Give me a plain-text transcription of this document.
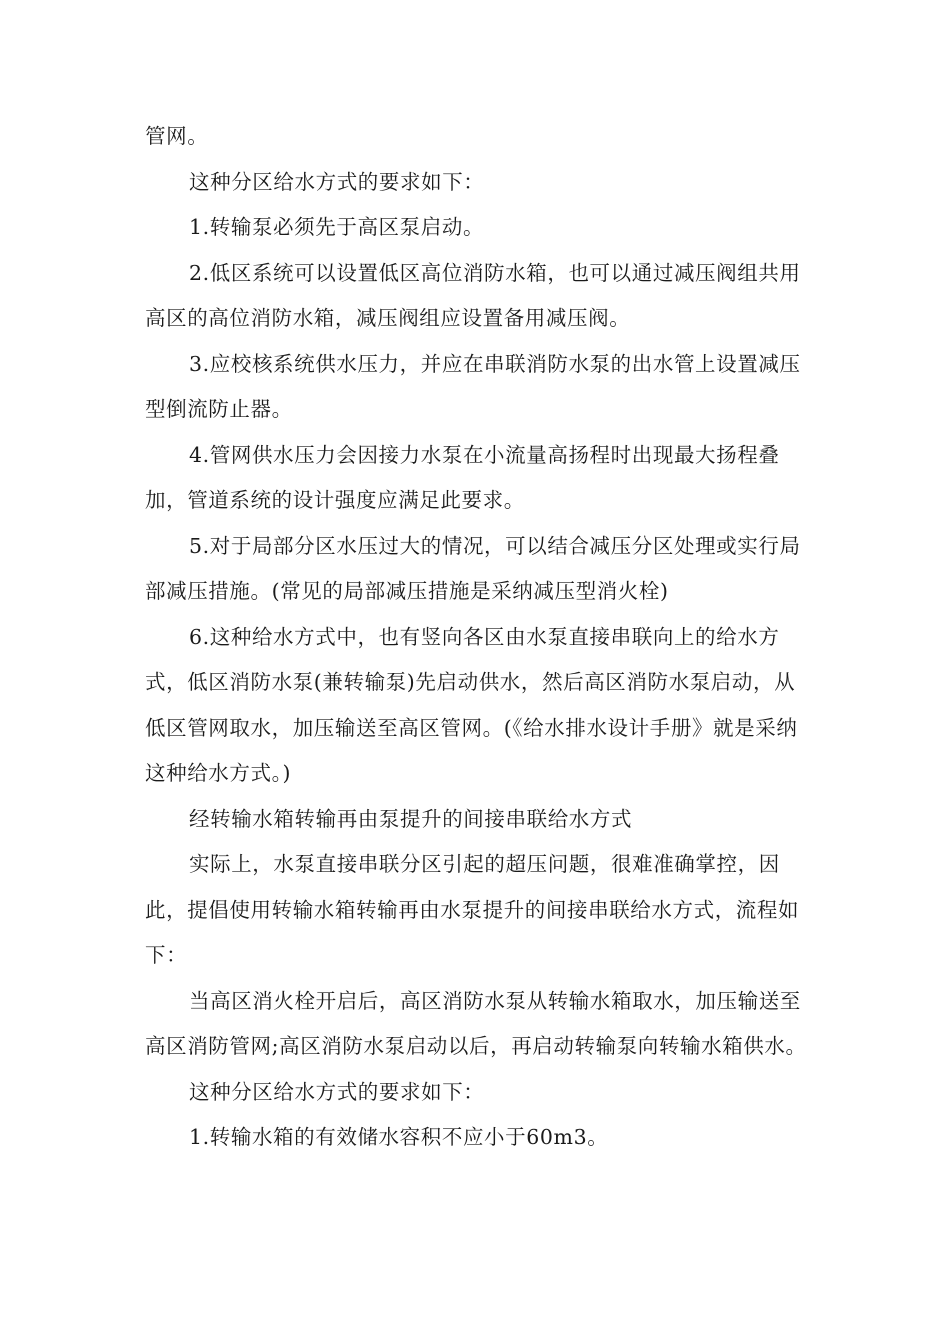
管网。

这种分区给水方式的要求如下：

1.转输泵必须先于高区泵启动。

2.低区系统可以设置低区高位消防水箱，也可以通过减压阀组共用高区的高位消防水箱，减压阀组应设置备用减压阀。

3.应校核系统供水压力，并应在串联消防水泵的出水管上设置减压型倒流防止器。

4.管网供水压力会因接力水泵在小流量高扬程时出现最大扬程叠加，管道系统的设计强度应满足此要求。

5.对于局部分区水压过大的情况，可以结合减压分区处理或实行局部减压措施。(常见的局部减压措施是采纳减压型消火栓)

6.这种给水方式中，也有竖向各区由水泵直接串联向上的给水方式，低区消防水泵(兼转输泵)先启动供水，然后高区消防水泵启动，从低区管网取水，加压输送至高区管网。(《给水排水设计手册》就是采纳这种给水方式。)

经转输水箱转输再由泵提升的间接串联给水方式

实际上，水泵直接串联分区引起的超压问题，很难准确掌控，因此，提倡使用转输水箱转输再由水泵提升的间接串联给水方式，流程如下：

当高区消火栓开启后，高区消防水泵从转输水箱取水，加压输送至高区消防管网;高区消防水泵启动以后，再启动转输泵向转输水箱供水。

这种分区给水方式的要求如下：

1.转输水箱的有效储水容积不应小于60m3。
